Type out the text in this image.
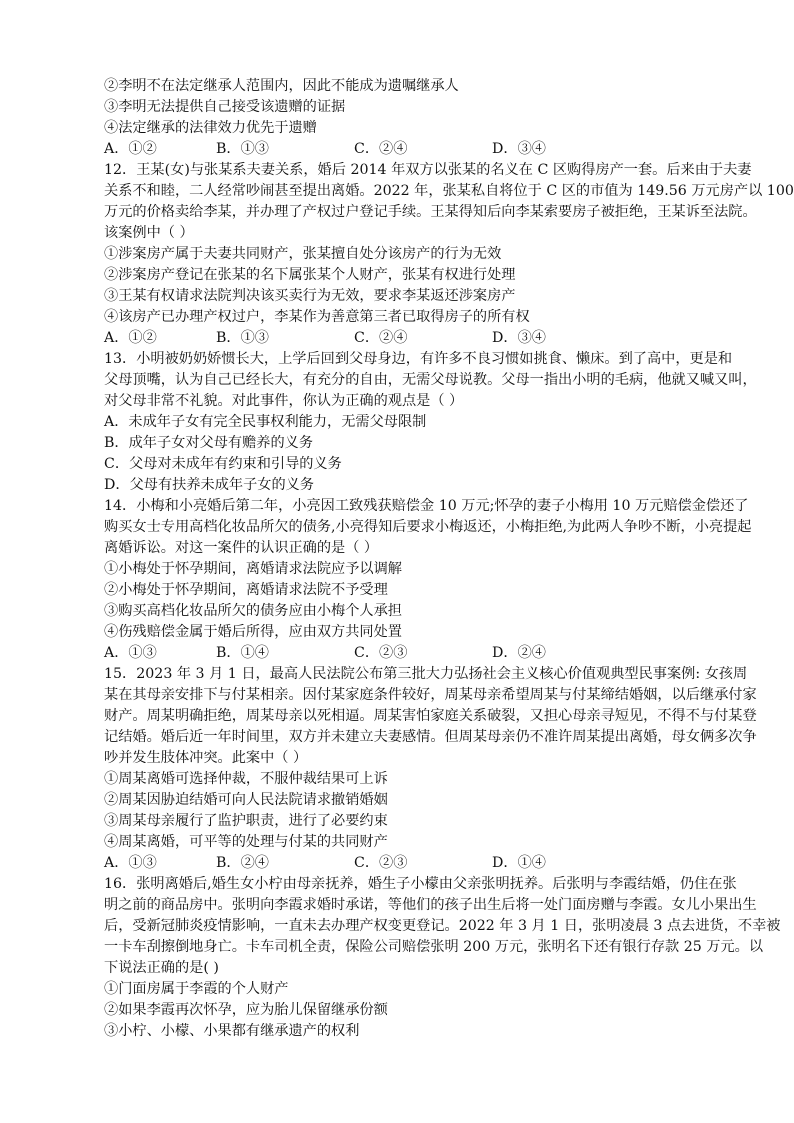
②李明不在法定继承人范围内，因此不能成为遗嘱继承人
③李明无法提供自己接受该遗赠的证据
④法定继承的法律效力优先于遗赠
A．①②	B．①③	C．②④	D．③④
12．王某(女)与张某系夫妻关系，婚后 2014 年双方以张某的名义在 C 区购得房产一套。后来由于夫妻
关系不和睦，二人经常吵闹甚至提出离婚。2022 年，张某私自将位于 C 区的市值为 149.56 万元房产以 100
万元的价格卖给李某，并办理了产权过户登记手续。王某得知后向李某索要房子被拒绝，王某诉至法院。
该案例中（ ）
①涉案房产属于夫妻共同财产，张某擅自处分该房产的行为无效
②涉案房产登记在张某的名下属张某个人财产，张某有权进行处理
③王某有权请求法院判决该买卖行为无效，要求李某返还涉案房产
④该房产已办理产权过户，李某作为善意第三者已取得房子的所有权
A．①②	B．①③	C．②④	D．③④
13．小明被奶奶娇惯长大，上学后回到父母身边，有许多不良习惯如挑食、懒床。到了高中，更是和
父母顶嘴，认为自己已经长大，有充分的自由，无需父母说教。父母一指出小明的毛病，他就又喊又叫，
对父母非常不礼貌。对此事件，你认为正确的观点是（ ）
A．未成年子女有完全民事权利能力，无需父母限制
B．成年子女对父母有赡养的义务
C．父母对未成年有约束和引导的义务
D．父母有扶养未成年子女的义务
14．小梅和小亮婚后第二年，小亮因工致残获赔偿金 10 万元;怀孕的妻子小梅用 10 万元赔偿金偿还了
购买女士专用高档化妆品所欠的债务,小亮得知后要求小梅返还，小梅拒绝,为此两人争吵不断，小亮提起
离婚诉讼。对这一案件的认识正确的是（ ）
①小梅处于怀孕期间，离婚请求法院应予以调解
②小梅处于怀孕期间，离婚请求法院不予受理
③购买高档化妆品所欠的债务应由小梅个人承担
④伤残赔偿金属于婚后所得，应由双方共同处置
A．①③	B．①④	C．②③	D．②④
15．2023 年 3 月 1 日，最高人民法院公布第三批大力弘扬社会主义核心价值观典型民事案例: 女孩周
某在其母亲安排下与付某相亲。因付某家庭条件较好，周某母亲希望周某与付某缔结婚姻，以后继承付家
财产。周某明确拒绝，周某母亲以死相逼。周某害怕家庭关系破裂，又担心母亲寻短见，不得不与付某登
记结婚。婚后近一年时间里，双方并未建立夫妻感情。但周某母亲仍不准许周某提出离婚，母女俩多次争
吵并发生肢体冲突。此案中（ ）
①周某离婚可选择仲裁，不服仲裁结果可上诉
②周某因胁迫结婚可向人民法院请求撤销婚姻
③周某母亲履行了监护职责，进行了必要约束
④周某离婚，可平等的处理与付某的共同财产
A．①③	B．②④	C．②③	D．①④
16．张明离婚后,婚生女小柠由母亲抚养，婚生子小檬由父亲张明抚养。后张明与李霞结婚，仍住在张
明之前的商品房中。张明向李霞求婚时承诺，等他们的孩子出生后将一处门面房赠与李霞。女儿小果出生
后，受新冠肺炎疫情影响，一直未去办理产权变更登记。2022 年 3 月 1 日，张明凌晨 3 点去进货，不幸被
一卡车刮擦倒地身亡。卡车司机全责，保险公司赔偿张明 200 万元，张明名下还有银行存款 25 万元。以
下说法正确的是( )
①门面房属于李霞的个人财产
②如果李霞再次怀孕，应为胎儿保留继承份额
③小柠、小檬、小果都有继承遗产的权利
